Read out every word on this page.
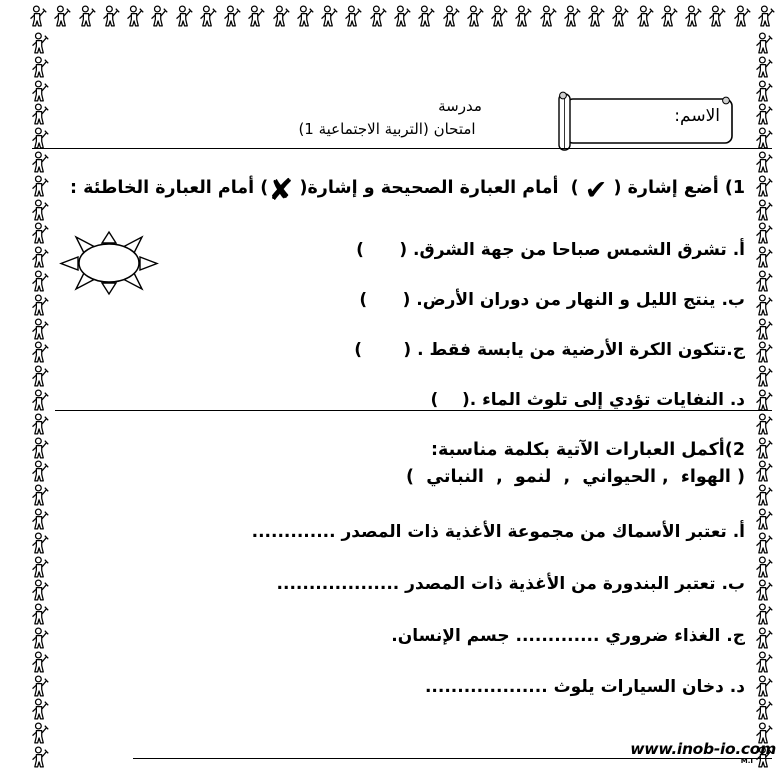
مدرسة
امتحان (التربية الاجتماعية 1)
الاسم:
1) أضع إشارة ( ✔ )  أمام العبارة الصحيحة و إشارة( ✘) أمام العبارة الخاطئة :
أ. تشرق الشمس صباحا من جهة الشرق. (      )
ب. ينتج الليل و النهار من دوران الأرض. (      )
ج.تتكون الكرة الأرضية من يابسة فقط . (       )
د. النفايات تؤدي إلى تلوث الماء .(    )
2)أكمل العبارات الآتية بكلمة مناسبة:
( الهواء  , الحيواني  ,  لنمو  ,  النباتي  )
أ. تعتبر الأسماك من مجموعة الأغذية ذات المصدر .............
ب. تعتبر البندورة من الأغذية ذات المصدر ...................
ج. الغذاء ضروري ............. جسم الإنسان.
د. دخان السيارات يلوث ...................
www.inob-io.com
M.I
